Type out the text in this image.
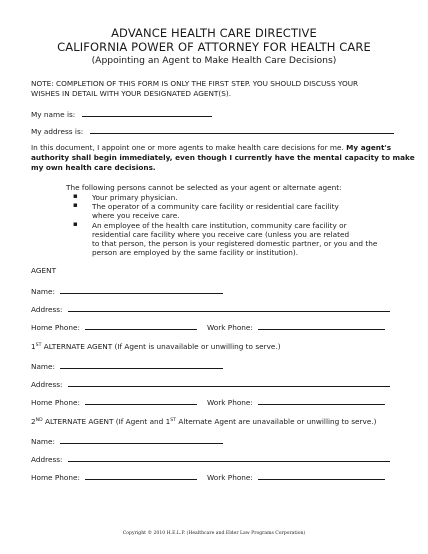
ADVANCE HEALTH CARE DIRECTIVE
CALIFORNIA POWER OF ATTORNEY FOR HEALTH CARE
(Appointing an Agent to Make Health Care Decisions)
NOTE: COMPLETION OF THIS FORM IS ONLY THE FIRST STEP. YOU SHOULD DISCUSS YOUR
WISHES IN DETAIL WITH YOUR DESIGNATED AGENT(S).
My name is:
My address is:
In this document, I appoint one or more agents to make health care decisions for me. My agent's
authority shall begin immediately, even though I currently have the mental capacity to make
my own health care decisions.
The following persons cannot be selected as your agent or alternate agent:
▪ Your primary physician.
▪ The operator of a community care facility or residential care facility
where you receive care.
▪ An employee of the health care institution, community care facility or
residential care facility where you receive care (unless you are related
to that person, the person is your registered domestic partner, or you and the
person are employed by the same facility or institution).
AGENT
Name:
Address:
Home Phone:	Work Phone:
1ST ALTERNATE AGENT (If Agent is unavailable or unwilling to serve.)
Name:
Address:
Home Phone:	Work Phone:
2ND ALTERNATE AGENT (If Agent and 1ST Alternate Agent are unavailable or unwilling to serve.)
Name:
Address:
Home Phone:	Work Phone:
Copyright © 2010 H.E.L.P. (Healthcare and Elder Law Programs Corporation)
